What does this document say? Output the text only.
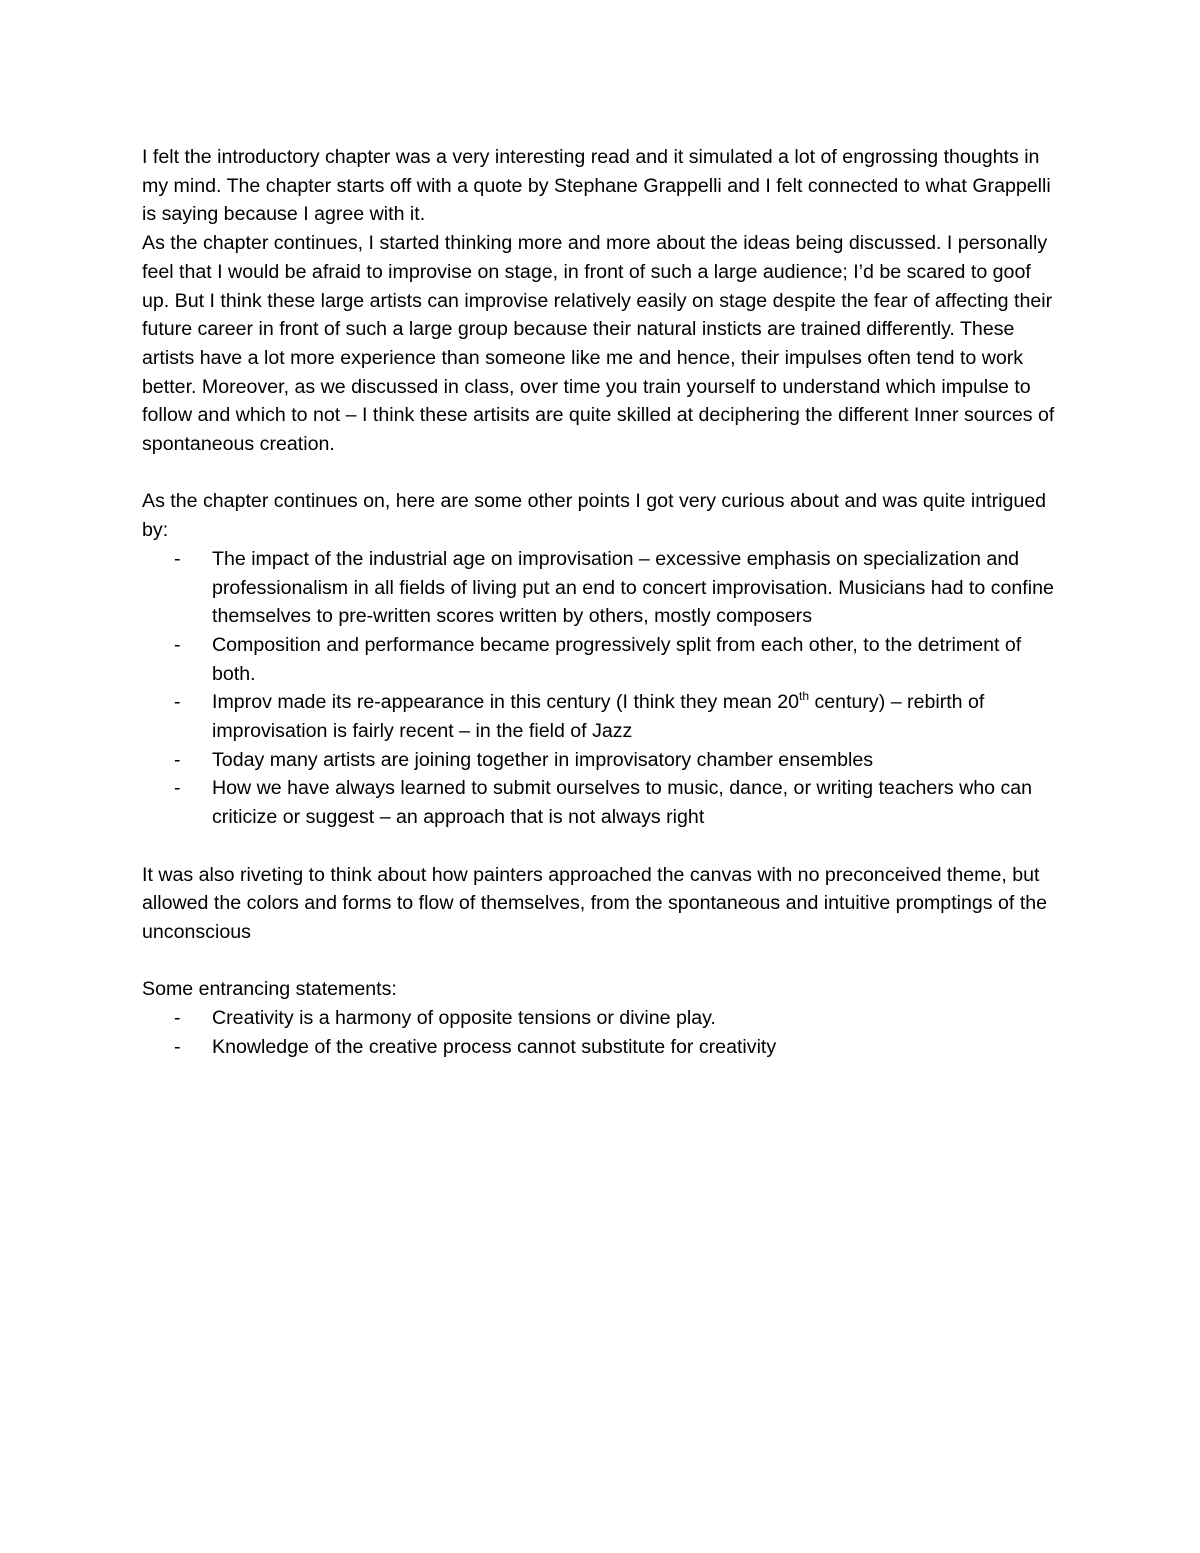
I felt the introductory chapter was a very interesting read and it simulated a lot of engrossing thoughts in my mind. The chapter starts off with a quote by Stephane Grappelli and I felt connected to what Grappelli is saying because I agree with it.

As the chapter continues, I started thinking more and more about the ideas being discussed. I personally feel that I would be afraid to improvise on stage, in front of such a large audience; I’d be scared to goof up. But I think these large artists can improvise relatively easily on stage despite the fear of affecting their future career in front of such a large group because their natural insticts are trained differently. These artists have a lot more experience than someone like me and hence, their impulses often tend to work better. Moreover, as we discussed in class, over time you train yourself to understand which impulse to follow and which to not – I think these artisits are quite skilled at deciphering the different Inner sources of spontaneous creation.

As the chapter continues on, here are some other points I got very curious about and was quite intrigued by:

- The impact of the industrial age on improvisation – excessive emphasis on specialization and professionalism in all fields of living put an end to concert improvisation. Musicians had to confine themselves to pre-written scores written by others, mostly composers
- Composition and performance became progressively split from each other, to the detriment of both.
- Improv made its re-appearance in this century (I think they mean 20th century) – rebirth of improvisation is fairly recent – in the field of Jazz
- Today many artists are joining together in improvisatory chamber ensembles
- How we have always learned to submit ourselves to music, dance, or writing teachers who can criticize or suggest – an approach that is not always right

It was also riveting to think about how painters approached the canvas with no preconceived theme, but allowed the colors and forms to flow of themselves, from the spontaneous and intuitive promptings of the unconscious

Some entrancing statements:

- Creativity is a harmony of opposite tensions or divine play.
- Knowledge of the creative process cannot substitute for creativity
